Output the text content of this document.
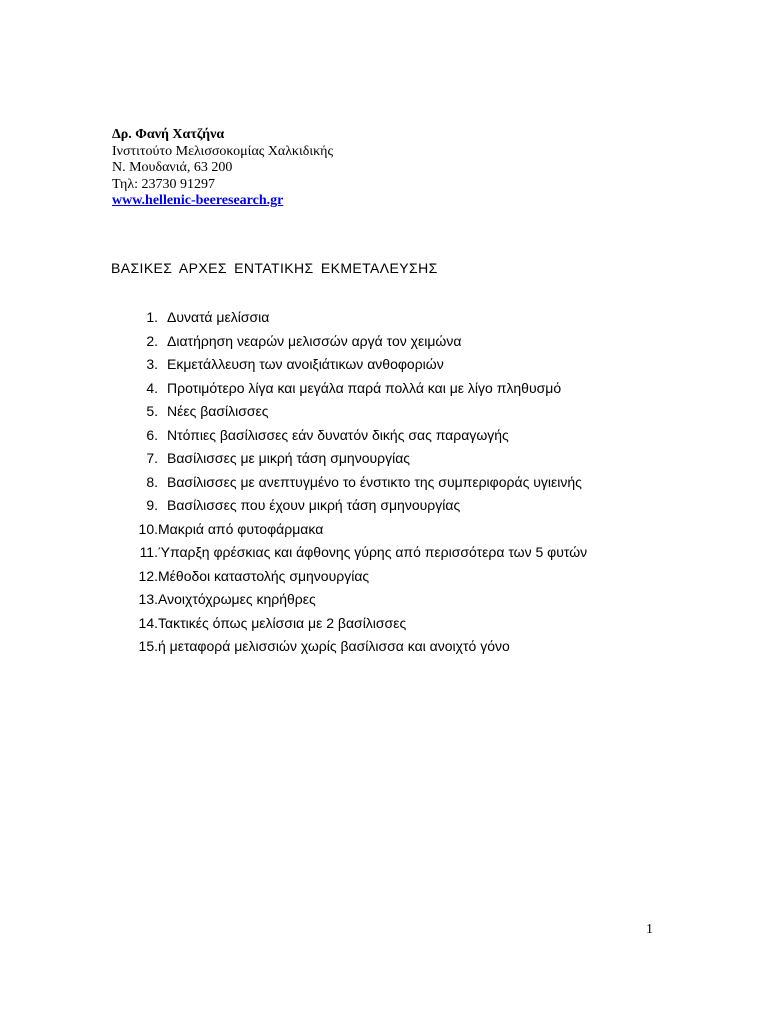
Δρ. Φανή Χατζήνα
Ινστιτούτο Μελισσοκομίας Χαλκιδικής
Ν. Μουδανιά, 63 200
Τηλ: 23730 91297
www.hellenic-beeresearch.gr
ΒΑΣΙΚΕΣ ΑΡΧΕΣ ΕΝΤΑΤΙΚΗΣ ΕΚΜΕΤΑΛΕΥΣΗΣ
1. Δυνατά μελίσσια
2. Διατήρηση νεαρών μελισσών αργά τον χειμώνα
3. Εκμετάλλευση των ανοιξιάτικων ανθοφοριών
4. Προτιμότερο λίγα και μεγάλα παρά πολλά και με λίγο πληθυσμό
5. Νέες βασίλισσες
6. Ντόπιες βασίλισσες εάν δυνατόν δικής σας παραγωγής
7. Βασίλισσες με μικρή τάση σμηνουργίας
8. Βασίλισσες με ανεπτυγμένο το ένστικτο της συμπεριφοράς υγιεινής
9. Βασίλισσες που έχουν μικρή τάση σμηνουργίας
10. Μακριά από φυτοφάρμακα
11. Ύπαρξη φρέσκιας και άφθονης γύρης από περισσότερα των 5 φυτών
12. Μέθοδοι καταστολής σμηνουργίας
13. Ανοιχτόχρωμες κηρήθρες
14. Τακτικές όπως μελίσσια με 2 βασίλισσες
15. ή μεταφορά μελισσιών χωρίς βασίλισσα και ανοιχτό γόνο
1
